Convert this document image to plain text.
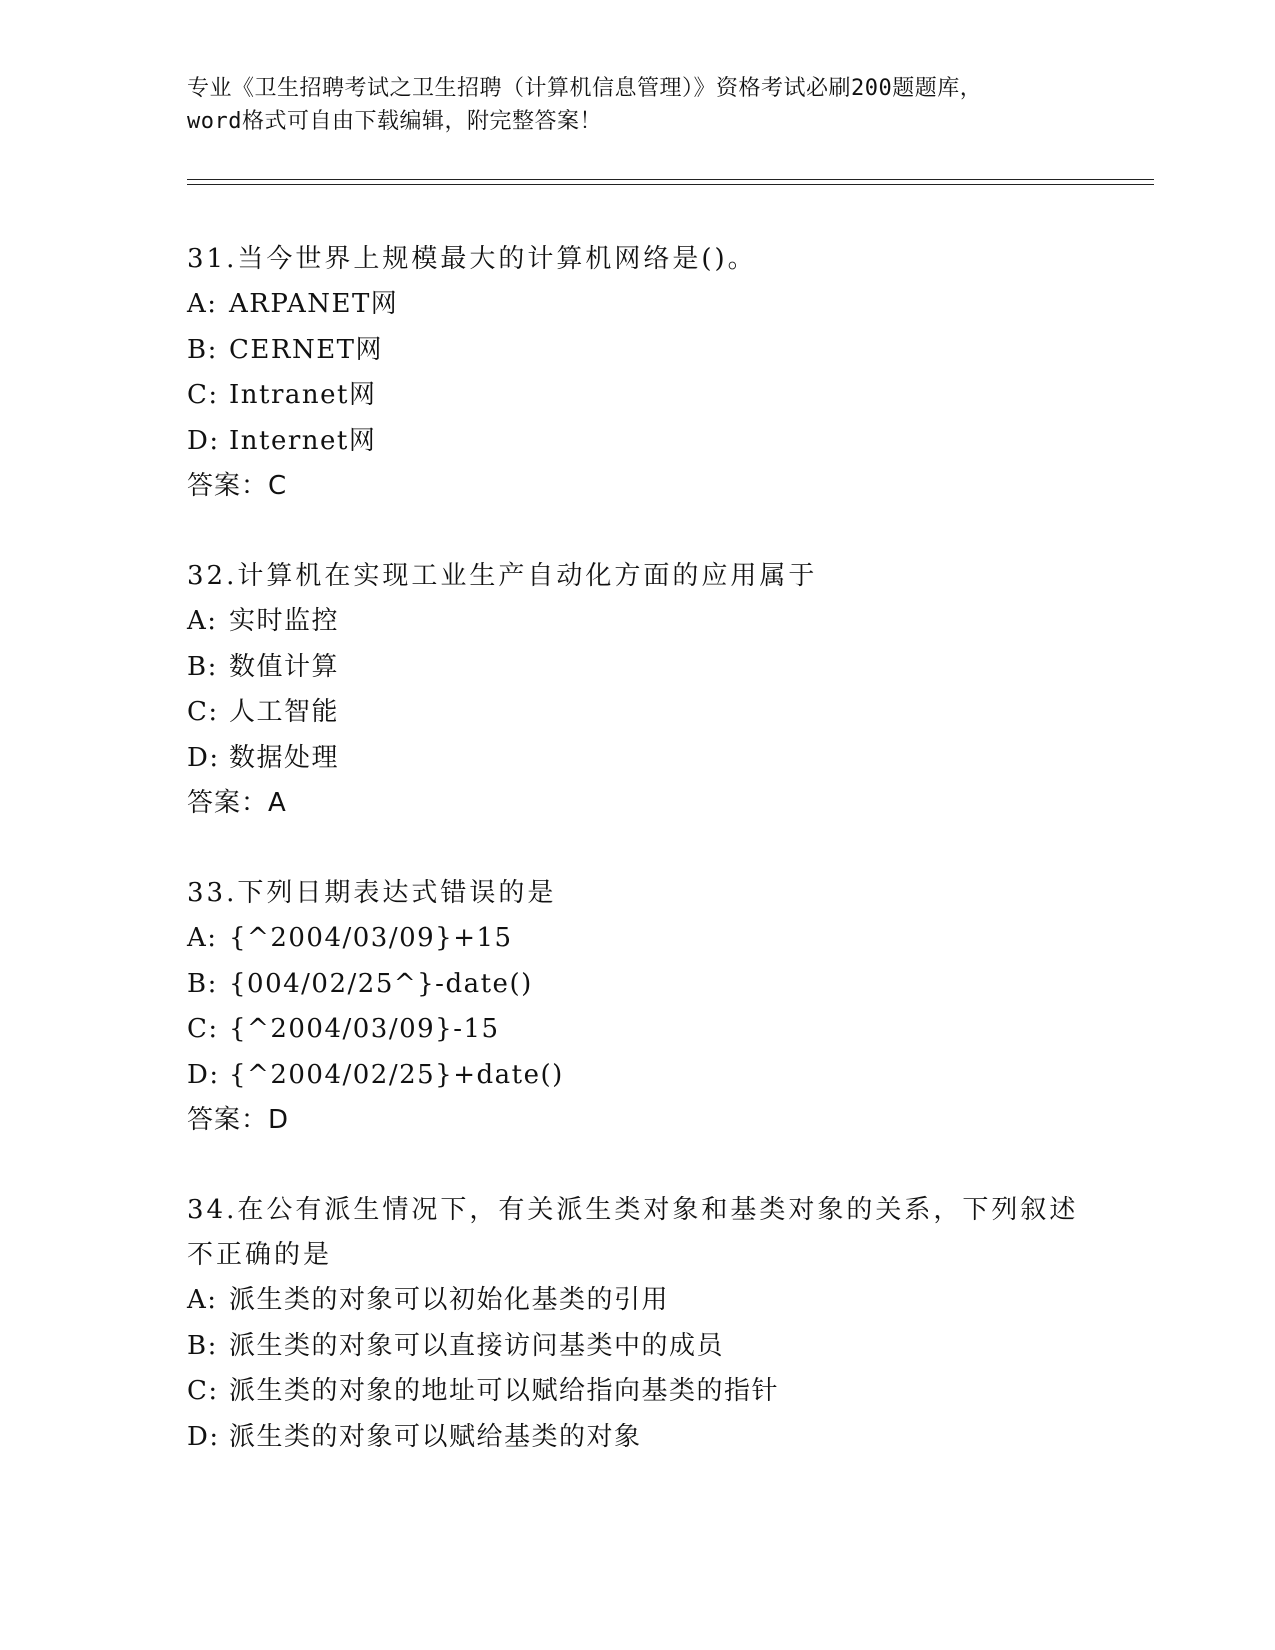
专业《卫生招聘考试之卫生招聘（计算机信息管理）》资格考试必刷200题题库，
word格式可自由下载编辑，附完整答案！
31.当今世界上规模最大的计算机网络是()。
A: ARPANET网
B: CERNET网
C: Intranet网
D: Internet网
答案：C
32.计算机在实现工业生产自动化方面的应用属于
A: 实时监控
B: 数值计算
C: 人工智能
D: 数据处理
答案：A
33.下列日期表达式错误的是
A: {^2004/03/09}+15
B: {004/02/25^}-date()
C: {^2004/03/09}-15
D: {^2004/02/25}+date()
答案：D
34.在公有派生情况下，有关派生类对象和基类对象的关系，下列叙述不正确的是
A: 派生类的对象可以初始化基类的引用
B: 派生类的对象可以直接访问基类中的成员
C: 派生类的对象的地址可以赋给指向基类的指针
D: 派生类的对象可以赋给基类的对象
